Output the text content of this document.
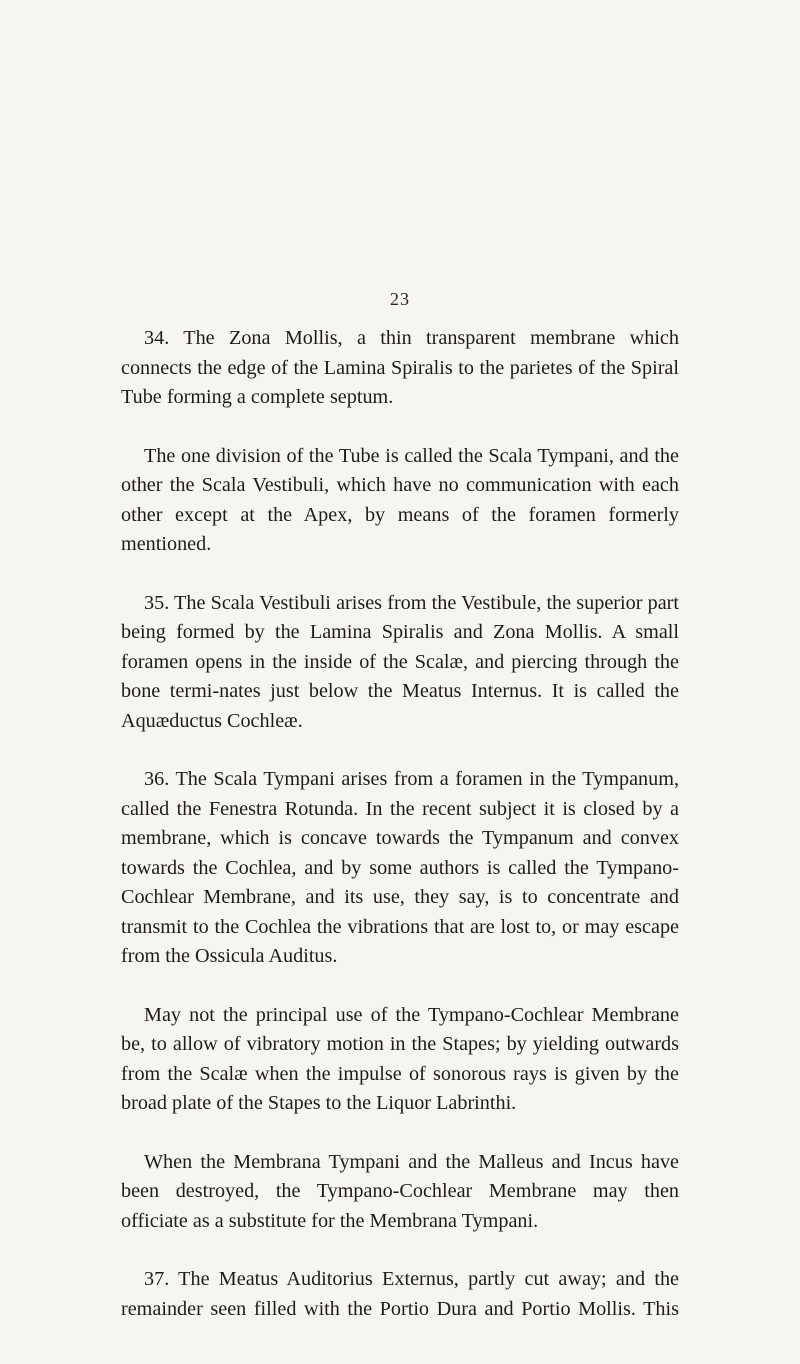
23

34. The Zona Mollis, a thin transparent membrane which connects the edge of the Lamina Spiralis to the parietes of the Spiral Tube forming a complete septum.

The one division of the Tube is called the Scala Tympani, and the other the Scala Vestibuli, which have no communication with each other except at the Apex, by means of the foramen formerly mentioned.

35. The Scala Vestibuli arises from the Vestibule, the superior part being formed by the Lamina Spiralis and Zona Mollis. A small foramen opens in the inside of the Scalæ, and piercing through the bone termi-nates just below the Meatus Internus. It is called the Aquæductus Cochleæ.

36. The Scala Tympani arises from a foramen in the Tympanum, called the Fenestra Rotunda. In the recent subject it is closed by a membrane, which is concave towards the Tympanum and convex towards the Cochlea, and by some authors is called the Tympano-Cochlear Membrane, and its use, they say, is to concentrate and transmit to the Cochlea the vibrations that are lost to, or may escape from the Ossicula Auditus.

May not the principal use of the Tympano-Cochlear Membrane be, to allow of vibratory motion in the Stapes; by yielding outwards from the Scalæ when the impulse of sonorous rays is given by the broad plate of the Stapes to the Liquor Labrinthi.

When the Membrana Tympani and the Malleus and Incus have been destroyed, the Tympano-Cochlear Membrane may then officiate as a substitute for the Membrana Tympani.

37. The Meatus Auditorius Externus, partly cut away; and the remainder seen filled with the Portio Dura and Portio Mollis. This
